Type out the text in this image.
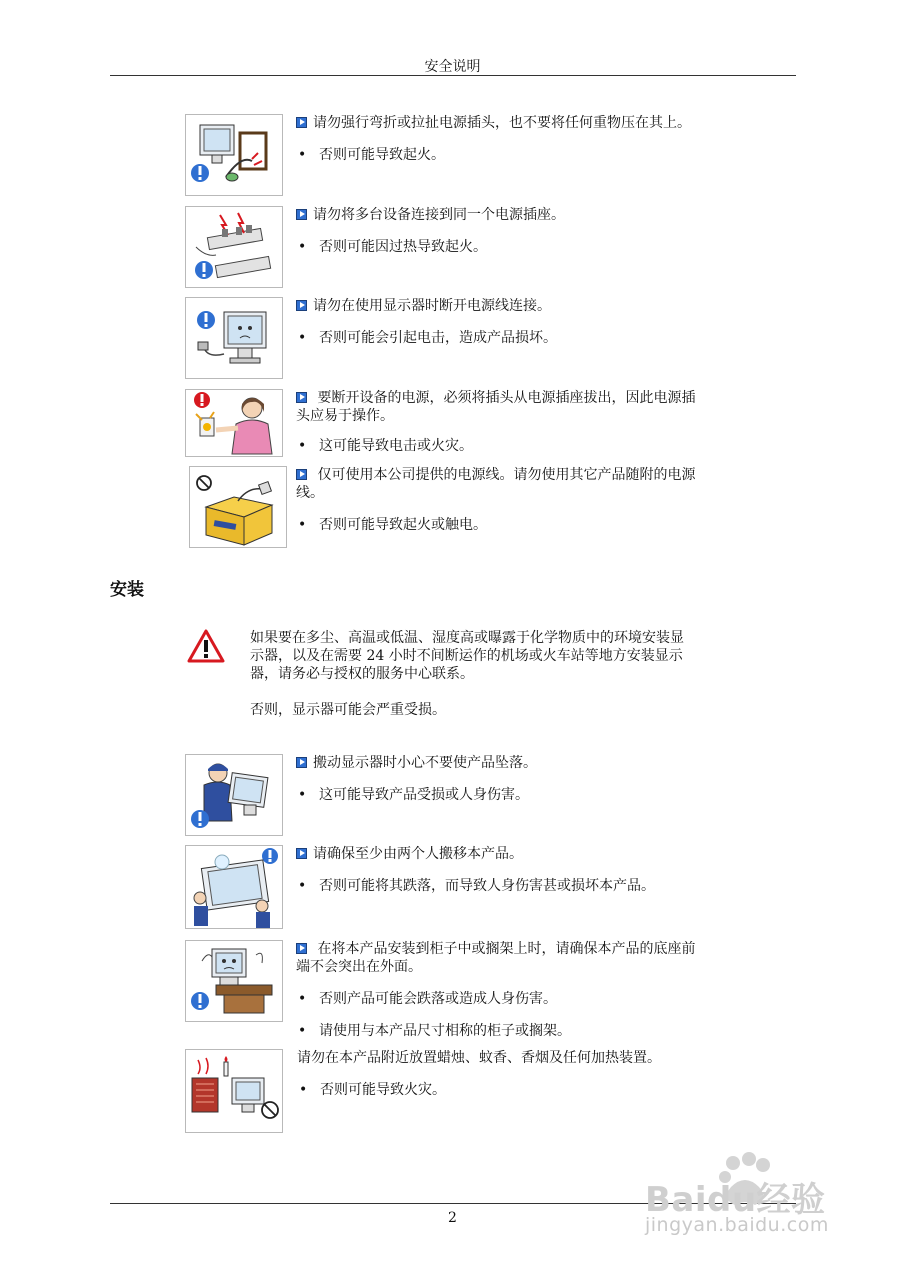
安全说明

请勿强行弯折或拉扯电源插头，也不要将任何重物压在其上。

• 否则可能导致起火。

请勿将多台设备连接到同一个电源插座。

• 否则可能因过热导致起火。

请勿在使用显示器时断开电源线连接。

• 否则可能会引起电击，造成产品损坏。

要断开设备的电源，必须将插头从电源插座拔出，因此电源插

头应易于操作。

• 这可能导致电击或火灾。

仅可使用本公司提供的电源线。请勿使用其它产品随附的电源

线。

• 否则可能导致起火或触电。

安装

如果要在多尘、高温或低温、湿度高或曝露于化学物质中的环境安装显

示器，以及在需要 24 小时不间断运作的机场或火车站等地方安装显示

器，请务必与授权的服务中心联系。

否则，显示器可能会严重受损。

搬动显示器时小心不要使产品坠落。

• 这可能导致产品受损或人身伤害。

请确保至少由两个人搬移本产品。

• 否则可能将其跌落，而导致人身伤害甚或损坏本产品。

在将本产品安装到柜子中或搁架上时，请确保本产品的底座前

端不会突出在外面。

• 否则产品可能会跌落或造成人身伤害。

• 请使用与本产品尺寸相称的柜子或搁架。

请勿在本产品附近放置蜡烛、蚊香、香烟及任何加热装置。

• 否则可能导致火灾。

2	Baidu经验
jingyan.baidu.com
